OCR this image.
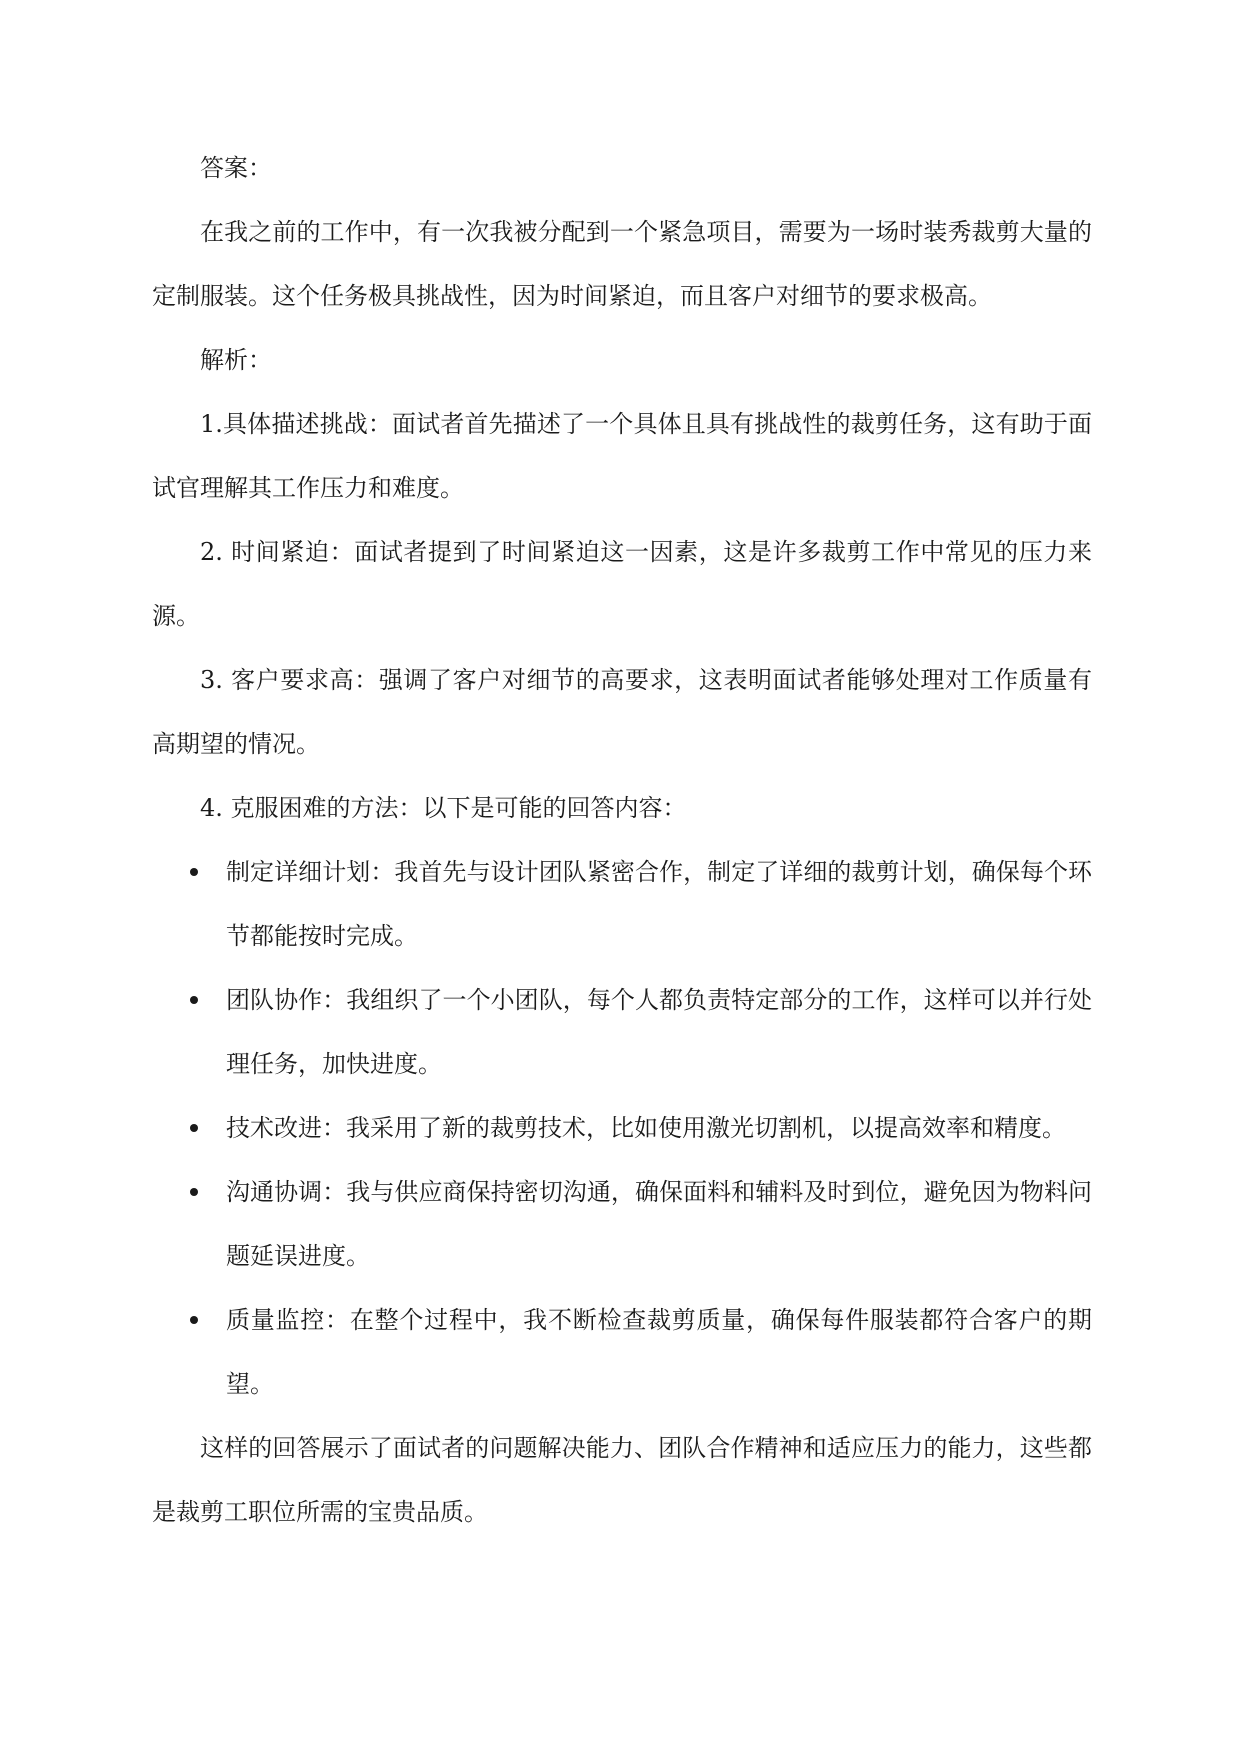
答案：

在我之前的工作中，有一次我被分配到一个紧急项目，需要为一场时装秀裁剪大量的定制服装。这个任务极具挑战性，因为时间紧迫，而且客户对细节的要求极高。

解析：

1.具体描述挑战：面试者首先描述了一个具体且具有挑战性的裁剪任务，这有助于面试官理解其工作压力和难度。

2. 时间紧迫：面试者提到了时间紧迫这一因素，这是许多裁剪工作中常见的压力来源。

3. 客户要求高：强调了客户对细节的高要求，这表明面试者能够处理对工作质量有高期望的情况。

4. 克服困难的方法：以下是可能的回答内容：

制定详细计划：我首先与设计团队紧密合作，制定了详细的裁剪计划，确保每个环节都能按时完成。
团队协作：我组织了一个小团队，每个人都负责特定部分的工作，这样可以并行处理任务，加快进度。
技术改进：我采用了新的裁剪技术，比如使用激光切割机，以提高效率和精度。
沟通协调：我与供应商保持密切沟通，确保面料和辅料及时到位，避免因为物料问题延误进度。
质量监控：在整个过程中，我不断检查裁剪质量，确保每件服装都符合客户的期望。

这样的回答展示了面试者的问题解决能力、团队合作精神和适应压力的能力，这些都是裁剪工职位所需的宝贵品质。
